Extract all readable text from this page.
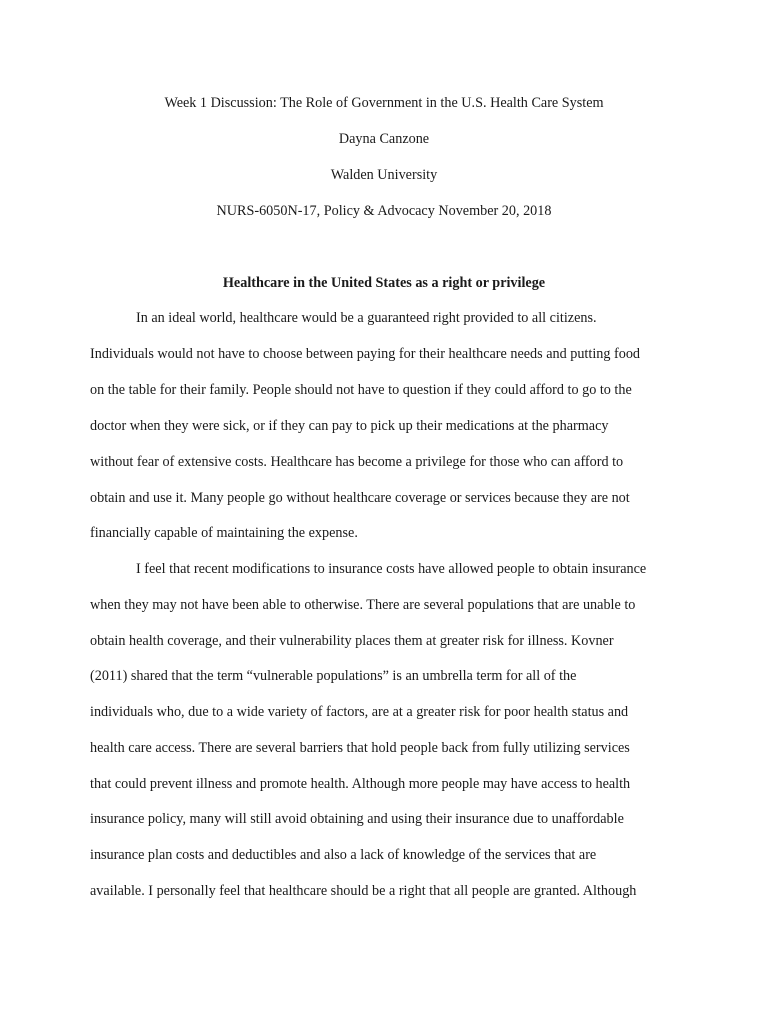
Week 1 Discussion: The Role of Government in the U.S. Health Care System
Dayna Canzone
Walden University
NURS-6050N-17, Policy & Advocacy November 20, 2018
Healthcare in the United States as a right or privilege
In an ideal world, healthcare would be a guaranteed right provided to all citizens.
Individuals would not have to choose between paying for their healthcare needs and putting food
on the table for their family. People should not have to question if they could afford to go to the
doctor when they were sick, or if they can pay to pick up their medications at the pharmacy
without fear of extensive costs. Healthcare has become a privilege for those who can afford to
obtain and use it. Many people go without healthcare coverage or services because they are not
financially capable of maintaining the expense.
I feel that recent modifications to insurance costs have allowed people to obtain insurance
when they may not have been able to otherwise. There are several populations that are unable to
obtain health coverage, and their vulnerability places them at greater risk for illness. Kovner
(2011) shared that the term “vulnerable populations” is an umbrella term for all of the
individuals who, due to a wide variety of factors, are at a greater risk for poor health status and
health care access. There are several barriers that hold people back from fully utilizing services
that could prevent illness and promote health. Although more people may have access to health
insurance policy, many will still avoid obtaining and using their insurance due to unaffordable
insurance plan costs and deductibles and also a lack of knowledge of the services that are
available. I personally feel that healthcare should be a right that all people are granted. Although
